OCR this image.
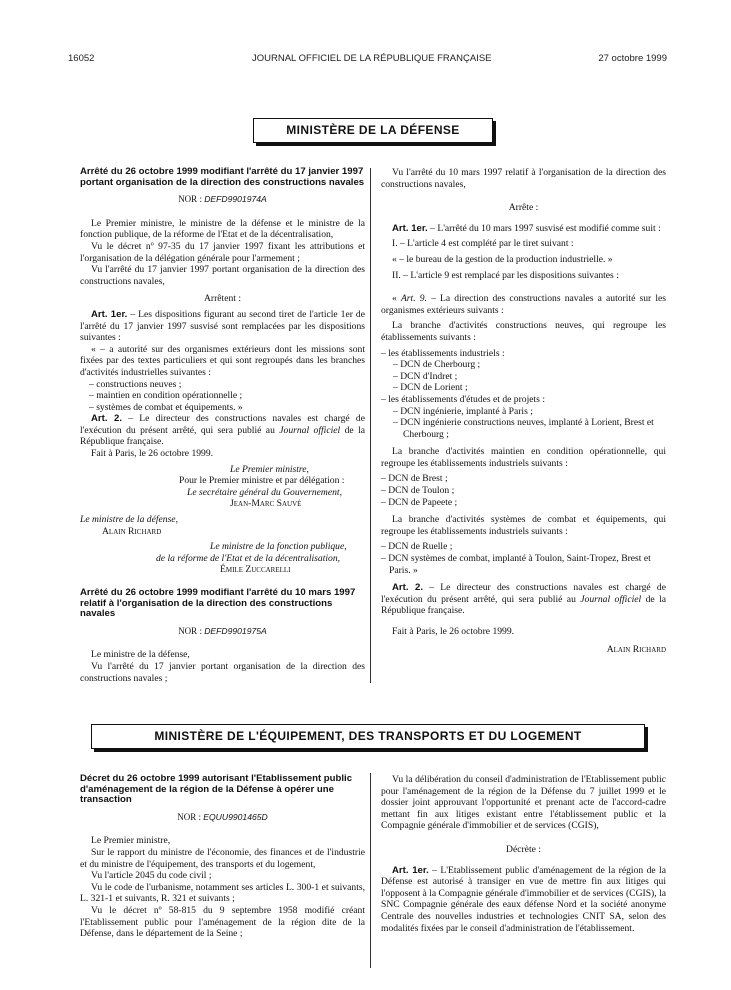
16052	JOURNAL OFFICIEL DE LA RÉPUBLIQUE FRANÇAISE	27 octobre 1999
MINISTÈRE DE LA DÉFENSE

Arrêté du 26 octobre 1999 modifiant l'arrêté du 17 janvier 1997 portant organisation de la direction des constructions navales

NOR : DEFD9901974A

Le Premier ministre, le ministre de la défense et le ministre de la fonction publique, de la réforme de l'Etat et de la décentralisation,

Vu le décret nº 97-35 du 17 janvier 1997 fixant les attributions et l'organisation de la délégation générale pour l'armement ;

Vu l'arrêté du 17 janvier 1997 portant organisation de la direction des constructions navales,

Arrêtent :

Art. 1er. – Les dispositions figurant au second tiret de l'article 1er de l'arrêté du 17 janvier 1997 susvisé sont remplacées par les dispositions suivantes :

« – a autorité sur des organismes extérieurs dont les missions sont fixées par des textes particuliers et qui sont regroupés dans les branches d'activités industrielles suivantes :

– constructions neuves ;

– maintien en condition opérationnelle ;

– systèmes de combat et équipements. »

Art. 2. – Le directeur des constructions navales est chargé de l'exécution du présent arrêté, qui sera publié au Journal officiel de la République française.

Fait à Paris, le 26 octobre 1999.

Le Premier ministre,

Pour le Premier ministre et par délégation :

Le secrétaire général du Gouvernement,

Jean-Marc Sauvé

Le ministre de la défense,

Alain Richard

Le ministre de la fonction publique,

de la réforme de l'Etat et de la décentralisation,

Émile Zuccarelli

Arrêté du 26 octobre 1999 modifiant l'arrêté du 10 mars 1997 relatif à l'organisation de la direction des constructions navales

NOR : DEFD9901975A

Le ministre de la défense,

Vu l'arrêté du 17 janvier portant organisation de la direction des constructions navales ;

Vu l'arrêté du 10 mars 1997 relatif à l'organisation de la direction des constructions navales,

Arrête :

Art. 1er. – L'arrêté du 10 mars 1997 susvisé est modifié comme suit :

I. – L'article 4 est complété par le tiret suivant :

« – le bureau de la gestion de la production industrielle. »

II. – L'article 9 est remplacé par les dispositions suivantes :

« Art. 9. – La direction des constructions navales a autorité sur les organismes extérieurs suivants :

La branche d'activités constructions neuves, qui regroupe les établissements suivants :

– les établissements industriels :

– DCN de Cherbourg ;

– DCN d'Indret ;

– DCN de Lorient ;

– les établissements d'études et de projets :

– DCN ingénierie, implanté à Paris ;

– DCN ingénierie constructions neuves, implanté à Lorient, Brest et Cherbourg ;

La branche d'activités maintien en condition opérationnelle, qui regroupe les établissements industriels suivants :

– DCN de Brest ;

– DCN de Toulon ;

– DCN de Papeete ;

La branche d'activités systèmes de combat et équipements, qui regroupe les établissements industriels suivants :

– DCN de Ruelle ;

– DCN systèmes de combat, implanté à Toulon, Saint-Tropez, Brest et Paris. »

Art. 2. – Le directeur des constructions navales est chargé de l'exécution du présent arrêté, qui sera publié au Journal officiel de la République française.

Fait à Paris, le 26 octobre 1999.

Alain Richard

MINISTÈRE DE L'ÉQUIPEMENT, DES TRANSPORTS ET DU LOGEMENT

Décret du 26 octobre 1999 autorisant l'Etablissement public d'aménagement de la région de la Défense à opérer une transaction

NOR : EQUU9901465D

Le Premier ministre,

Sur le rapport du ministre de l'économie, des finances et de l'industrie et du ministre de l'équipement, des transports et du logement,

Vu l'article 2045 du code civil ;

Vu le code de l'urbanisme, notamment ses articles L. 300-1 et suivants, L. 321-1 et suivants, R. 321 et suivants ;

Vu le décret nº 58-815 du 9 septembre 1958 modifié créant l'Etablissement public pour l'aménagement de la région dite de la Défense, dans le département de la Seine ;

Vu la délibération du conseil d'administration de l'Etablissement public pour l'aménagement de la région de la Défense du 7 juillet 1999 et le dossier joint approuvant l'opportunité et prenant acte de l'accord-cadre mettant fin aux litiges existant entre l'établissement public et la Compagnie générale d'immobilier et de services (CGIS),

Décrète :

Art. 1er. – L'Etablissement public d'aménagement de la région de la Défense est autorisé à transiger en vue de mettre fin aux litiges qui l'opposent à la Compagnie générale d'immobilier et de services (CGIS), la SNC Compagnie générale des eaux défense Nord et la société anonyme Centrale des nouvelles industries et technologies CNIT SA, selon des modalités fixées par le conseil d'administration de l'établissement.
